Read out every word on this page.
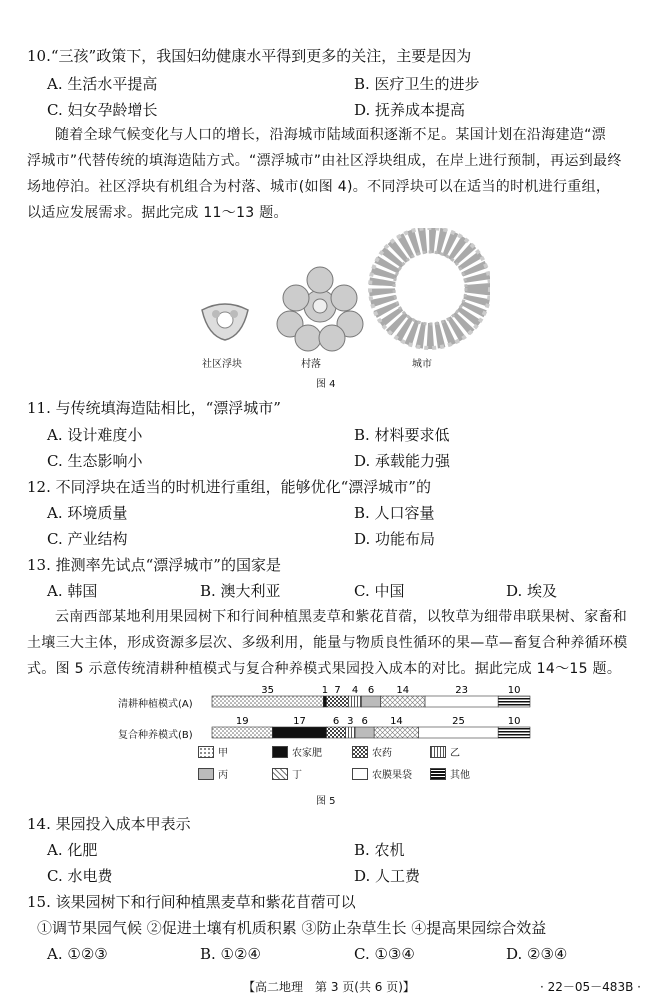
10.“三孩”政策下，我国妇幼健康水平得到更多的关注，主要是因为
A. 生活水平提高	B. 医疗卫生的进步
C. 妇女孕龄增长	D. 抚养成本提高
随着全球气候变化与人口的增长，沿海城市陆域面积逐渐不足。某国计划在沿海建造“漂
浮城市”代替传统的填海造陆方式。“漂浮城市”由社区浮块组成，在岸上进行预制，再运到最终
场地停泊。社区浮块有机组合为村落、城市(如图 4)。不同浮块可以在适当的时机进行重组，
以适应发展需求。据此完成 11～13 题。
社区浮块	村落	城市
图 4
11. 与传统填海造陆相比，“漂浮城市”
A. 设计难度小	B. 材料要求低
C. 生态影响小	D. 承载能力强
12. 不同浮块在适当的时机进行重组，能够优化“漂浮城市”的
A. 环境质量	B. 人口容量
C. 产业结构	D. 功能布局
13. 推测率先试点“漂浮城市”的国家是
A. 韩国	B. 澳大利亚	C. 中国	D. 埃及
云南西部某地利用果园树下和行间种植黑麦草和紫花苜蓿，以牧草为细带串联果树、家畜和
土壤三大主体，形成资源多层次、多级利用，能量与物质良性循环的果—草—畜复合种养循环模
式。图 5 示意传统清耕种植模式与复合种养模式果园投入成本的对比。据此完成 14～15 题。
35	1 7 4 6 14	23	10
19	17	6 3 6 14	25	10
清耕种植模式(A)
复合种养模式(B)
甲	农家肥	农药	乙
丙	丁	农膜果袋	其他
图 5
14. 果园投入成本甲表示
A. 化肥	B. 农机
C. 水电费	D. 人工费
15. 该果园树下和行间种植黑麦草和紫花苜蓿可以
①调节果园气候 ②促进土壤有机质积累 ③防止杂草生长 ④提高果园综合效益
A. ①②③	B. ①②④	C. ①③④	D. ②③④
【高二地理　第 3 页(共 6 页)】	· 22－05－483B ·
